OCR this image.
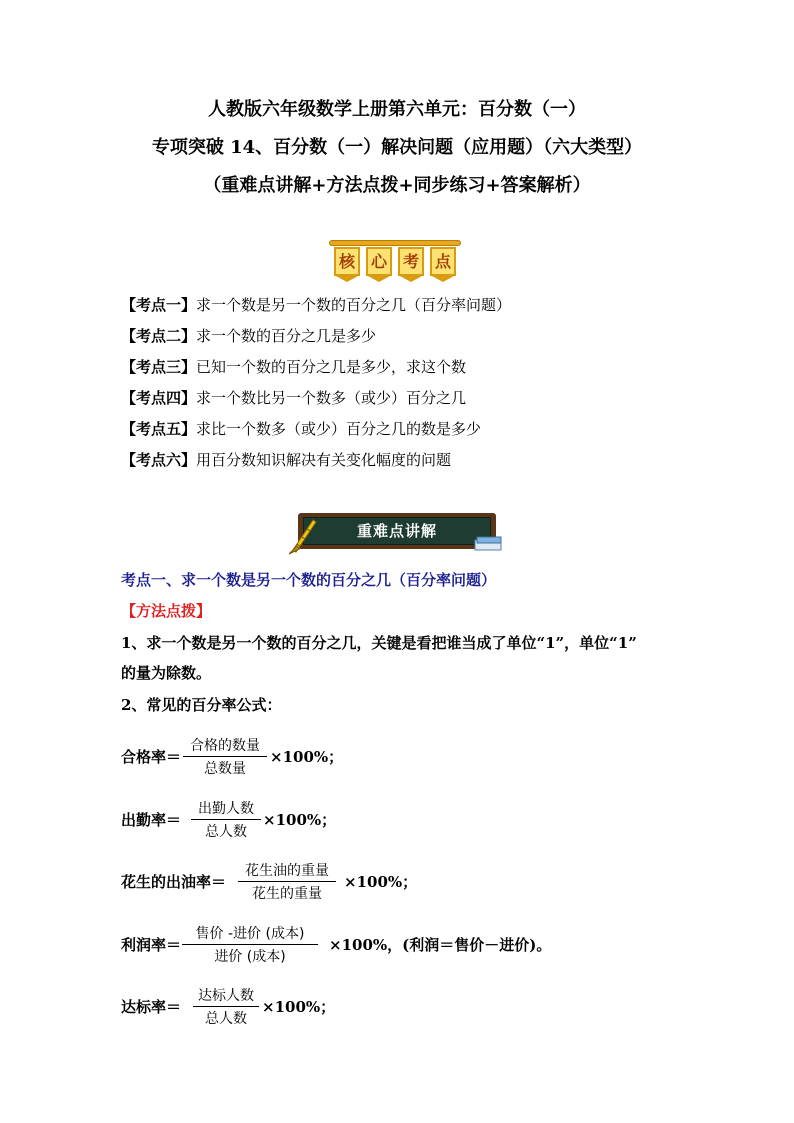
人教版六年级数学上册第六单元：百分数（一）
专项突破 14、百分数（一）解决问题（应用题）（六大类型）
（重难点讲解+方法点拨+同步练习+答案解析）
核 心 考 点
【考点一】求一个数是另一个数的百分之几（百分率问题）
【考点二】求一个数的百分之几是多少
【考点三】已知一个数的百分之几是多少，求这个数
【考点四】求一个数比另一个数多（或少）百分之几
【考点五】求比一个数多（或少）百分之几的数是多少
【考点六】用百分数知识解决有关变化幅度的问题
重难点讲解
考点一、求一个数是另一个数的百分之几（百分率问题）
【方法点拨】
1、求一个数是另一个数的百分之几，关键是看把谁当成了单位“1”，单位“1”
的量为除数。
2、常见的百分率公式：
合格率＝
合格的数量
总数量
×100%；
出勤率＝
出勤人数
总人数
×100%；
花生的出油率＝
花生油的重量
花生的重量
×100%；
利润率＝
售价 -进价 (成本)
进价 (成本)
×100%，(利润＝售价－进价)。
达标率＝
达标人数
总人数
×100%；
